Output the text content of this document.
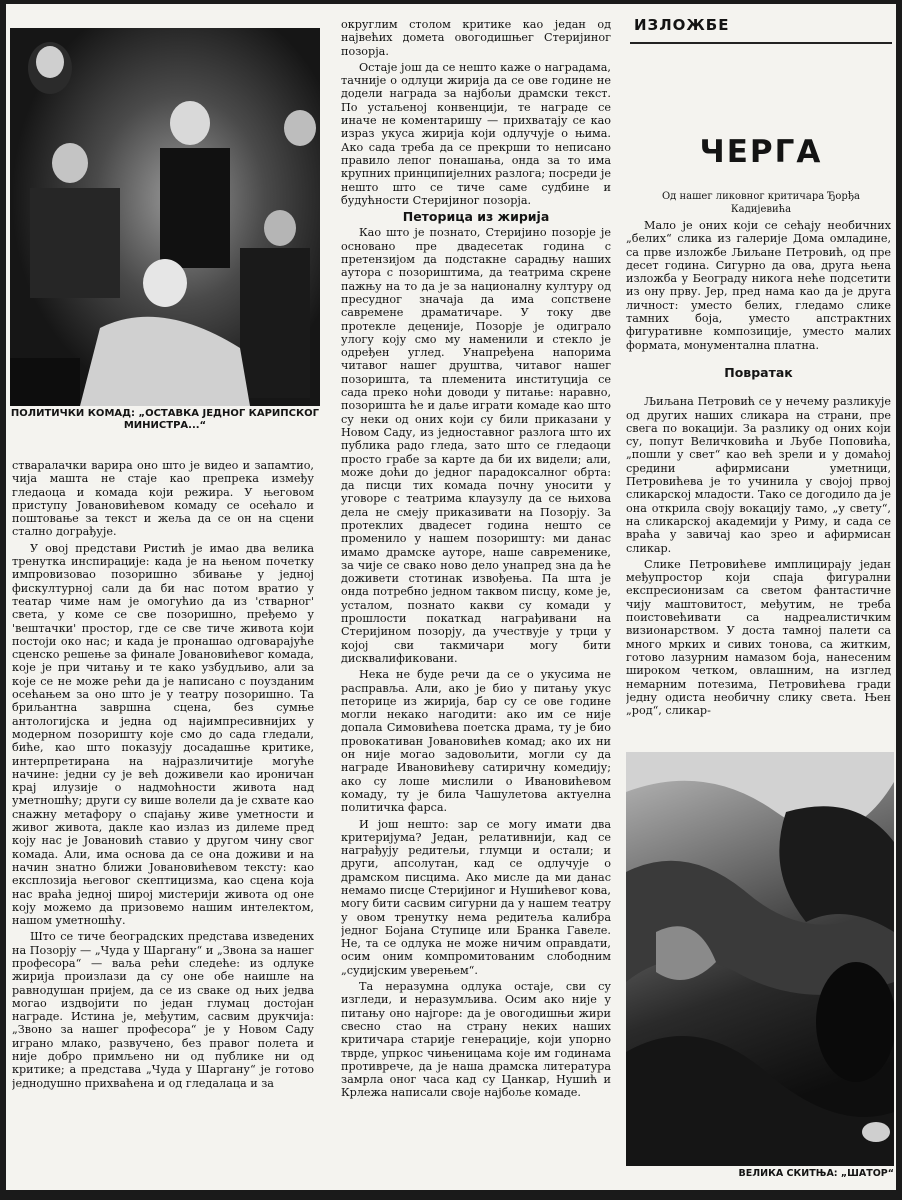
ПОЛИТИЧКИ КОМАД: „ОСТАВКА ЈЕДНОГ КАРИПСКОГ МИНИСТРА...“

стваралачки варира оно што је видео и запамтио, чија машта не стаје као препрека између гледаоца и комада који режира. У његовом приступу Јовановићевом комаду се осећало и поштовање за текст и жеља да се он на сцени стално дограђује.

У овој представи Ристић је имао два велика тренутка инспирације: када је на њеном почетку импровизовао позоришно збивање у једној фискултурној сали да би нас потом вратио у театар чиме нам је омогућио да из 'стварног' света, у коме се све позоришно, пређемо у 'вештачки' простор, где се све тиче живота који постоји око нас; и када је пронашао одговарајуће сценско решење за финале Јовановићевог комада, које је при читању и те како узбудљиво, али за које се не може рећи да је написано с поузданим осећањем за оно што је у театру позоришно. Та бриљантна завршна сцена, без сумње антологијска и једна од најимпресивнијих у модерном позоришту које смо до сада гледали, биће, као што показују досадашње критике, интерпретирана на најразличитије могуће начине: једни су је већ доживели као ироничан крај илузије о надмоћности живота над уметношћу; други су више волели да је схвате као снажну метафору о спајању живе уметности и живог живота, дакле као излаз из дилеме пред коју нас је Јовановић ставио у другом чину свог комада. Али, има основа да се она доживи и на начин знатно ближи Јовановићевом тексту: као експлозија његовог скептицизма, као сцена која нас враћа једној широј мистерији живота од оне коју можемо да призовемо нашим интелектом, нашом уметношћу.

Што се тиче београдских представа изведених на Позорју — „Чуда у Шаргану“ и „Звона за нашег професора“ — ваља рећи следеће: из одлуке жирија произлази да су оне обе наишле на равнодушан пријем, да се из сваке од њих једва могао издвојити по један глумац достојан награде. Истина је, међутим, сасвим друкчија: „Звоно за нашег професора“ је у Новом Саду играно млако, развучено, без правог полета и није добро примљено ни од публике ни од критике; а представа „Чуда у Шаргану“ је готово једнодушно прихваћена и од гледалаца и за

округлим столом критике као један од највећих домета овогодишњег Стеријиног позорја.

Остаје још да се нешто каже о наградама, тачније о одлуци жирија да се ове године не додели награда за најбољи драмски текст. По устаљеној конвенцији, те награде се иначе не коментаришу — прихватају се као израз укуса жирија који одлучује о њима. Ако сада треба да се прекрши то неписано правило лепог понашања, онда за то има крупних принципијелних разлога; посреди је нешто што се тиче саме судбине и будућности Стеријиног позорја.

Петорица из жирија

Као што је познато, Стеријино позорје је основано пре двадесетак година с претензијом да подстакне сарадњу наших аутора с позориштима, да театрима скрене пажњу на то да је за националну културу од пресудног значаја да има сопствене савремене драматичаре. У току две протекле деценије, Позорје је одиграло улогу коју смо му наменили и стекло је одређен углед. Унапређена напорима читавог нашег друштва, читавог нашег позоришта, та племенита институција се сада преко ноћи доводи у питање: наравно, позоришта ће и даље играти комаде као што су неки од оних који су били приказани у Новом Саду, из једноставног разлога што их публика радо гледа, зато што се гледаоци просто грабе за карте да би их видели; али, може доћи до једног парадоксалног обрта: да писци тих комада почну уносити у уговоре с театрима клаузулу да се њихова дела не смеју приказивати на Позорју. За протеклих двадесет година нешто се променило у нашем позоришту: ми данас имамо драмске ауторе, наше савременике, за чије се свако ново дело унапред зна да ће доживети стотинак извођења. Па шта је онда потребно једном таквом писцу, коме је, усталом, познато какви су комади у прошлости покаткад награђивани на Стеријином позорју, да учествује у трци у којој сви такмичари могу бити дисквалификовани.

Нека не буде речи да се о укусима не расправља. Али, ако је био у питању укус петорице из жирија, бар су се ове године могли некако нагодити: ако им се није допала Симовићева поетска драма, ту је био провокативан Јовановићев комад; ако их ни он није могао задовољити, могли су да награде Ивановићеву сатиричну комедију; ако су лоше мислили о Ивановићевом комаду, ту је била Чашулетова актуелна политичка фарса.

И још нешто: зар се могу имати два критеријума? Један, релативнији, кад се награђују редитељи, глумци и остали; и други, апсолутан, кад се одлучује о драмском писцима. Ако мисле да ми данас немамо писце Стеријиног и Нушићевог кова, могу бити сасвим сигурни да у нашем театру у овом тренутку нема редитеља калибра једног Бојана Ступице или Бранка Гавеле. Не, та се одлука не може ничим оправдати, осим оним компромитованим слободним „судијским уверењем“.

Та неразумна одлука остаје, сви су изгледи, и неразумљива. Осим ако није у питању оно најгоре: да је овогодишњи жири свесно стао на страну неких наших критичара старије генерације, који упорно тврде, упркос чињеницама које им годинама противрече, да је наша драмска литература замрла оног часа кад су Цанкар, Нушић и Крлежа написали своје најбоље комаде.

ИЗЛОЖБЕ
ЧЕРГА
Од нашег ликовног критичара Ђорђа Кадијевића

Мало је оних који се сећају необичних „белих“ слика из галерије Дома омладине, са прве изложбе Љиљане Петровић, од пре десет година. Сигурно да ова, друга њена изложба у Београду никога неће подсетити из ону прву. Јер, пред нама као да је друга личност: уместо белих, гледамо слике тамних боја, уместо апстрактних фигуративне композиције, уместо малих формата, монументална платна.

Повратак

Љиљана Петровић се у нечему разликује од других наших сликара на страни, пре свега по вокацији. За разлику од оних који су, попут Величковића и Љубе Поповића, „пошли у свет“ као већ зрели и у домаћој средини афирмисани уметници, Петровићева је то учинила у својој првој сликарској младости. Тако се догодило да је она открила своју вокацију тамо, „у свету“, на сликарској академији у Риму, и сада се враћа у завичај као зрео и афирмисан сликар.

Слике Петровићеве имплицирају један међупростор који спаја фигурални експресионизам са светом фантастичне чију маштовитост, међутим, не треба поистовећивати са надреалистичким визионарством. У доста тамној палети са много мрких и сивих тонова, са житким, готово лазурним намазом боја, нанесеним широком четком, овлашним, на изглед немарним потезима, Петровићева гради једну одиста необичну слику света. Њен „род“, сликар-

ВЕЛИКА СКИТЊА: „ШАТОР“
